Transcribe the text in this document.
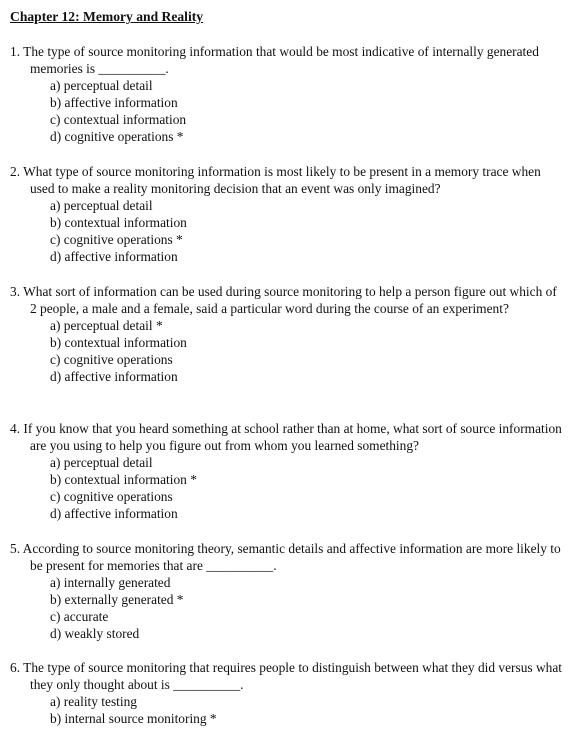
Chapter 12: Memory and Reality

1. The type of source monitoring information that would be most indicative of internally generated memories is __________.

a) perceptual detail
b) affective information
c) contextual information
d) cognitive operations *

2. What type of source monitoring information is most likely to be present in a memory trace when used to make a reality monitoring decision that an event was only imagined?

a) perceptual detail
b) contextual information
c) cognitive operations *
d) affective information

3. What sort of information can be used during source monitoring to help a person figure out which of 2 people, a male and a female, said a particular word during the course of an experiment?

a) perceptual detail *
b) contextual information
c) cognitive operations
d) affective information

4. If you know that you heard something at school rather than at home, what sort of source information are you using to help you figure out from whom you learned something?

a) perceptual detail
b) contextual information *
c) cognitive operations
d) affective information

5. According to source monitoring theory, semantic details and affective information are more likely to be present for memories that are __________.

a) internally generated
b) externally generated *
c) accurate
d) weakly stored

6. The type of source monitoring that requires people to distinguish between what they did versus what they only thought about is __________.

a) reality testing
b) internal source monitoring *
